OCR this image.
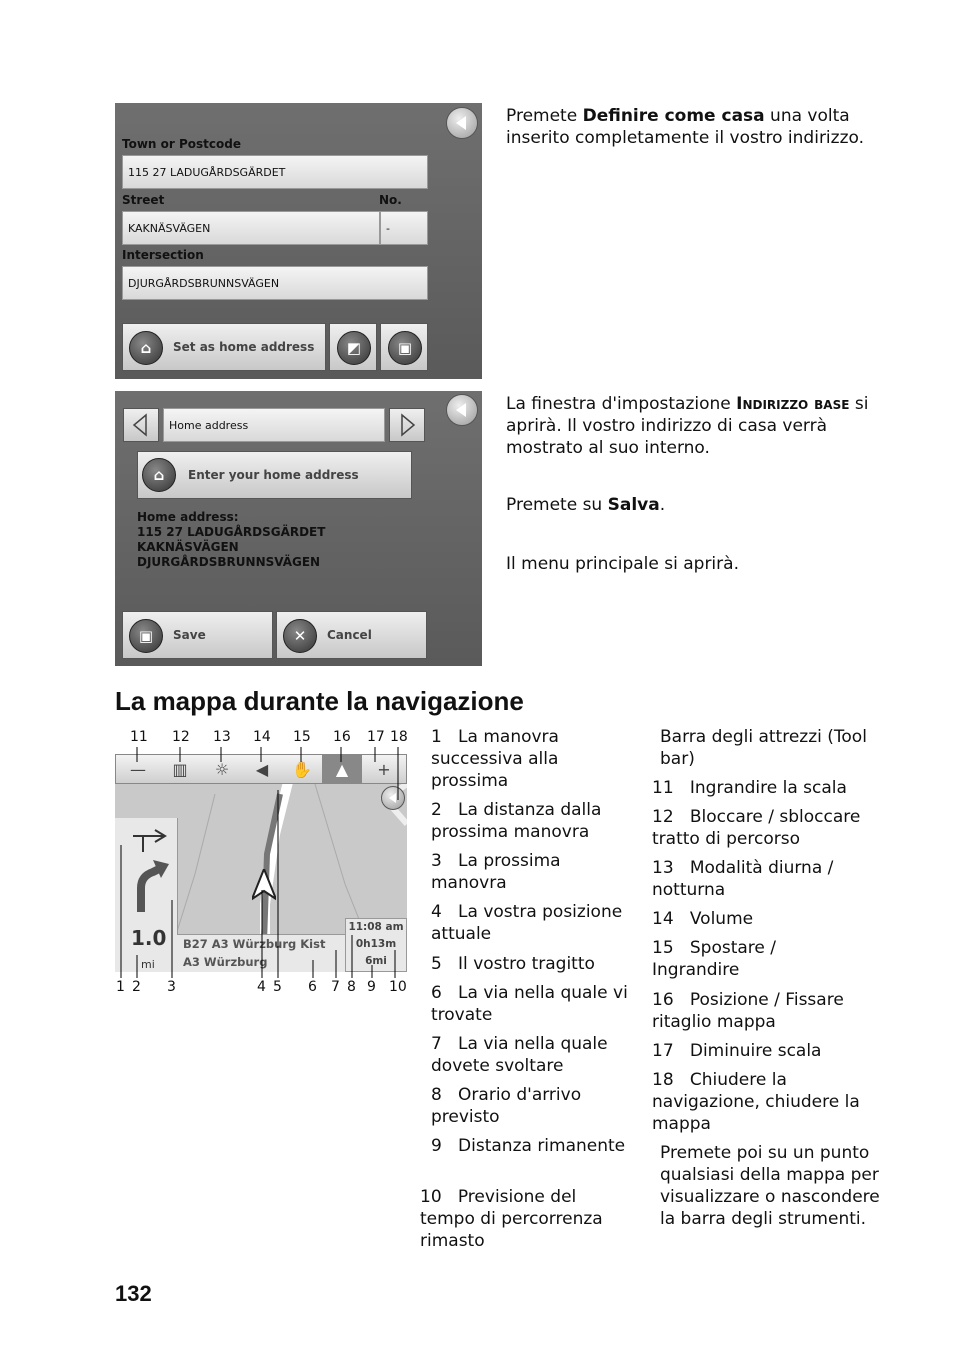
Town or Postcode
115 27 LADUGÅRDSGÄRDET
Street	No.
KAKNÄSVÄGEN	-
Intersection
DJURGÅRDSBRUNNSVÄGEN
⌂	Set as home address	◩	▣
Premete Definire come casa una volta inserito completamente il vostro indirizzo.
Home address
⌂	Enter your home address
Home address:
115 27 LADUGÅRDSGÄRDET
KAKNÄSVÄGEN
DJURGÅRDSBRUNNSVÄGEN
▣	Save	✕	Cancel
La finestra d'impostazione Indirizzo base si aprirà. Il vostro indirizzo di casa verrà mostrato al suo interno.
Premete su Salva.
Il menu principale si aprirà.
La mappa durante la navigazione
11 12 13 14 15 16 17 18
1.0
mi
B27 A3 Würzburg Kist
A3 Würzburg
11:08 am
0h13m
6mi
— ▥ ☼ ◀ ✋ ▲ +
1 2 3	4 5 6 7 8 9 10
1 La manovra successiva alla prossima
2 La distanza dalla prossima manovra
3 La prossima manovra
4 La vostra posizione attuale
5 Il vostro tragitto
6 La via nella quale vi trovate
7 La via nella quale dovete svoltare
8 Orario d'arrivo previsto
9 Distanza rimanente
10 Previsione del tempo di percorrenza rimasto
Barra degli attrezzi (Tool bar)
11 Ingrandire la scala
12 Bloccare / sbloccare tratto di percorso
13 Modalità diurna / notturna
14 Volume
15 Spostare / Ingrandire
16 Posizione / Fissare ritaglio mappa
17 Diminuire scala
18 Chiudere la navigazione, chiudere la mappa
Premete poi su un punto qualsiasi della mappa per visualizzare o nascondere la barra degli strumenti.
132
